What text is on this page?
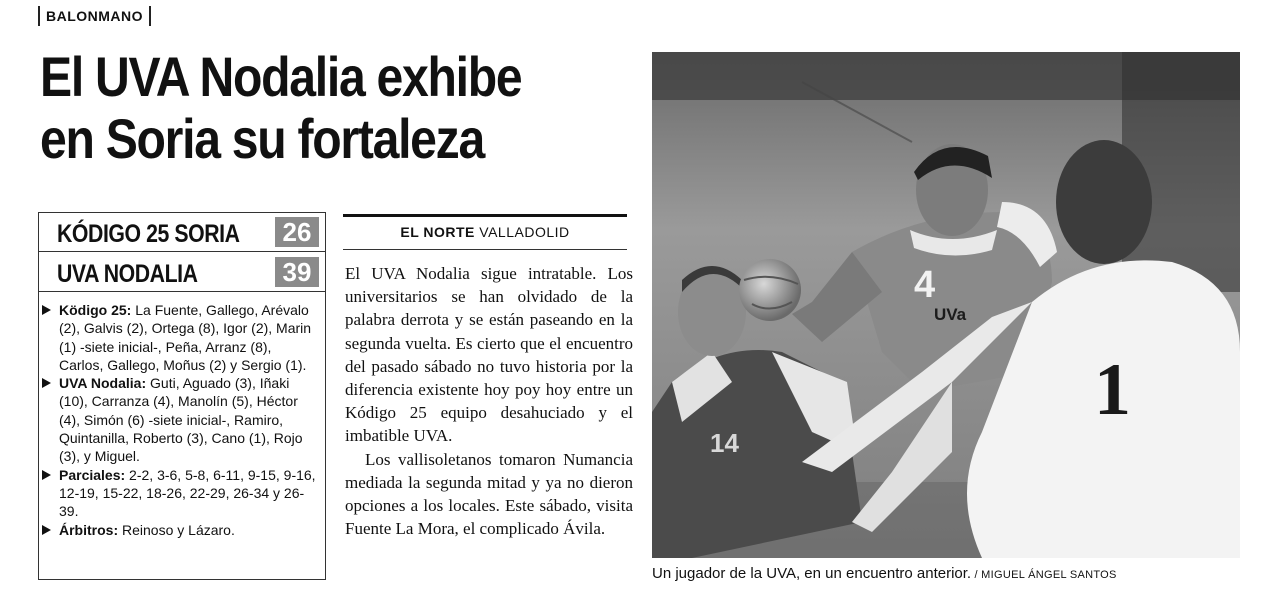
BALONMANO
El UVA Nodalia exhibe
en Soria su fortaleza
KÓDIGO 25 SORIA 26
UVA NODALIA	39

Ködigo 25: La Fuente, Gallego, Arévalo (2), Galvis (2), Ortega (8), Igor (2), Marin (1) -siete inicial-, Peña, Arranz (8), Carlos, Gallego, Moñus (2) y Sergio (1).

UVA Nodalia: Guti, Aguado (3), Iñaki (10), Carranza (4), Manolín (5), Héctor (4), Simón (6) -siete inicial-, Ramiro, Quintanilla, Roberto (3), Cano (1), Rojo (3), y Miguel.

Parciales: 2-2, 3-6, 5-8, 6-11, 9-15, 9-16, 12-19, 15-22, 18-26, 22-29, 26-34 y 26-39.

Árbitros: Reinoso y Lázaro.

EL NORTE VALLADOLID

El UVA Nodalia sigue intratable. Los universitarios se han olvidado de la palabra derrota y se están paseando en la segunda vuelta. Es cierto que el encuentro del pasado sábado no tuvo historia por la diferencia existente hoy poy hoy entre un Kódigo 25 equipo desahuciado y el imbatible UVA.

Los vallisoletanos tomaron Numancia mediada la segunda mitad y ya no dieron opciones a los locales. Este sábado, visita Fuente La Mora, el complicado Ávila.

14
4
UVa
1
Un jugador de la UVA, en un encuentro anterior. / MIGUEL ÁNGEL SANTOS
